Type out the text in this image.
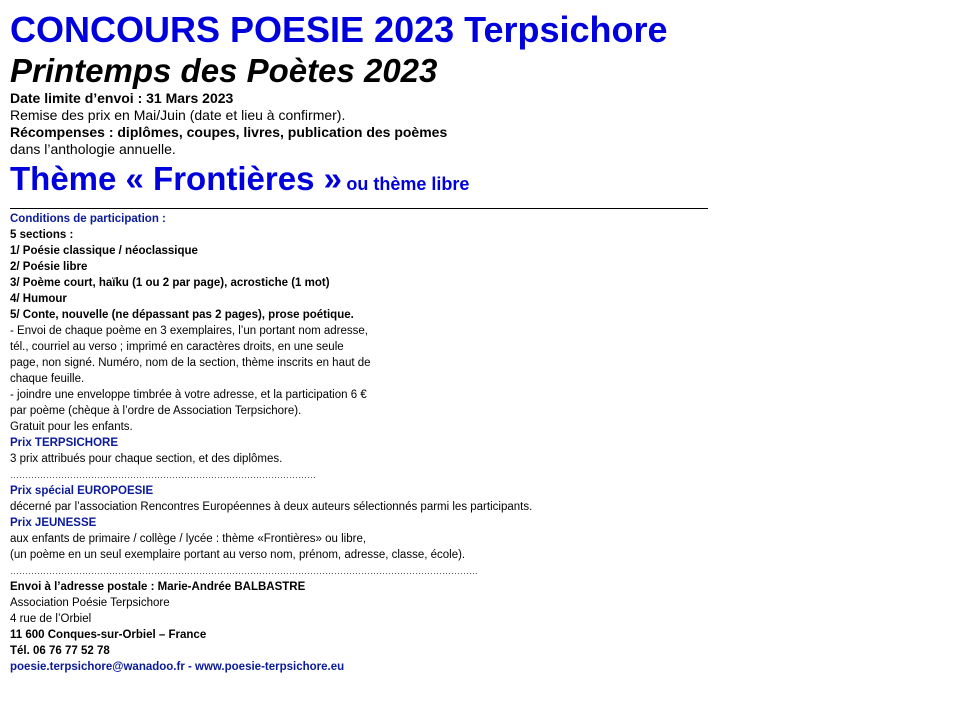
CONCOURS POESIE 2023 Terpsichore
Printemps des Poètes 2023
Date limite d’envoi : 31 Mars 2023
Remise des prix en Mai/Juin (date et lieu à confirmer).
Récompenses : diplômes, coupes, livres, publication des poèmes
dans l’anthologie annuelle.
Thème « Frontières » ou thème libre
Conditions de participation :
5 sections :
1/ Poésie classique / néoclassique
2/ Poésie libre
3/ Poème court, haïku (1 ou 2 par page), acrostiche (1 mot)
4/ Humour
5/ Conte, nouvelle (ne dépassant pas 2 pages), prose poétique.
- Envoi de chaque poème en 3 exemplaires, l’un portant nom adresse,
tél., courriel au verso ; imprimé en caractères droits, en une seule
page, non signé. Numéro, nom de la section, thème inscrits en haut de
chaque feuille.
- joindre une enveloppe timbrée à votre adresse, et la participation 6 €
par poème (chèque à l’ordre de Association Terpsichore).
Gratuit pour les enfants.
Prix TERPSICHORE
3 prix attribués pour chaque section, et des diplômes.
…………………………………………………………………………………………
Prix spécial EUROPOESIE
décerné par l’association Rencontres Européennes à deux auteurs sélectionnés parmi les participants.
Prix JEUNESSE
aux enfants de primaire / collège / lycée : thème «Frontières» ou libre,
(un poème en un seul exemplaire portant au verso nom, prénom, adresse, classe, école).
…………………………………………………………………………………………………………………………………………
Envoi à l’adresse postale : Marie-Andrée BALBASTRE
Association Poésie Terpsichore
4 rue de l’Orbiel
11 600 Conques-sur-Orbiel – France
Tél. 06 76 77 52 78
poesie.terpsichore@wanadoo.fr - www.poesie-terpsichore.eu
